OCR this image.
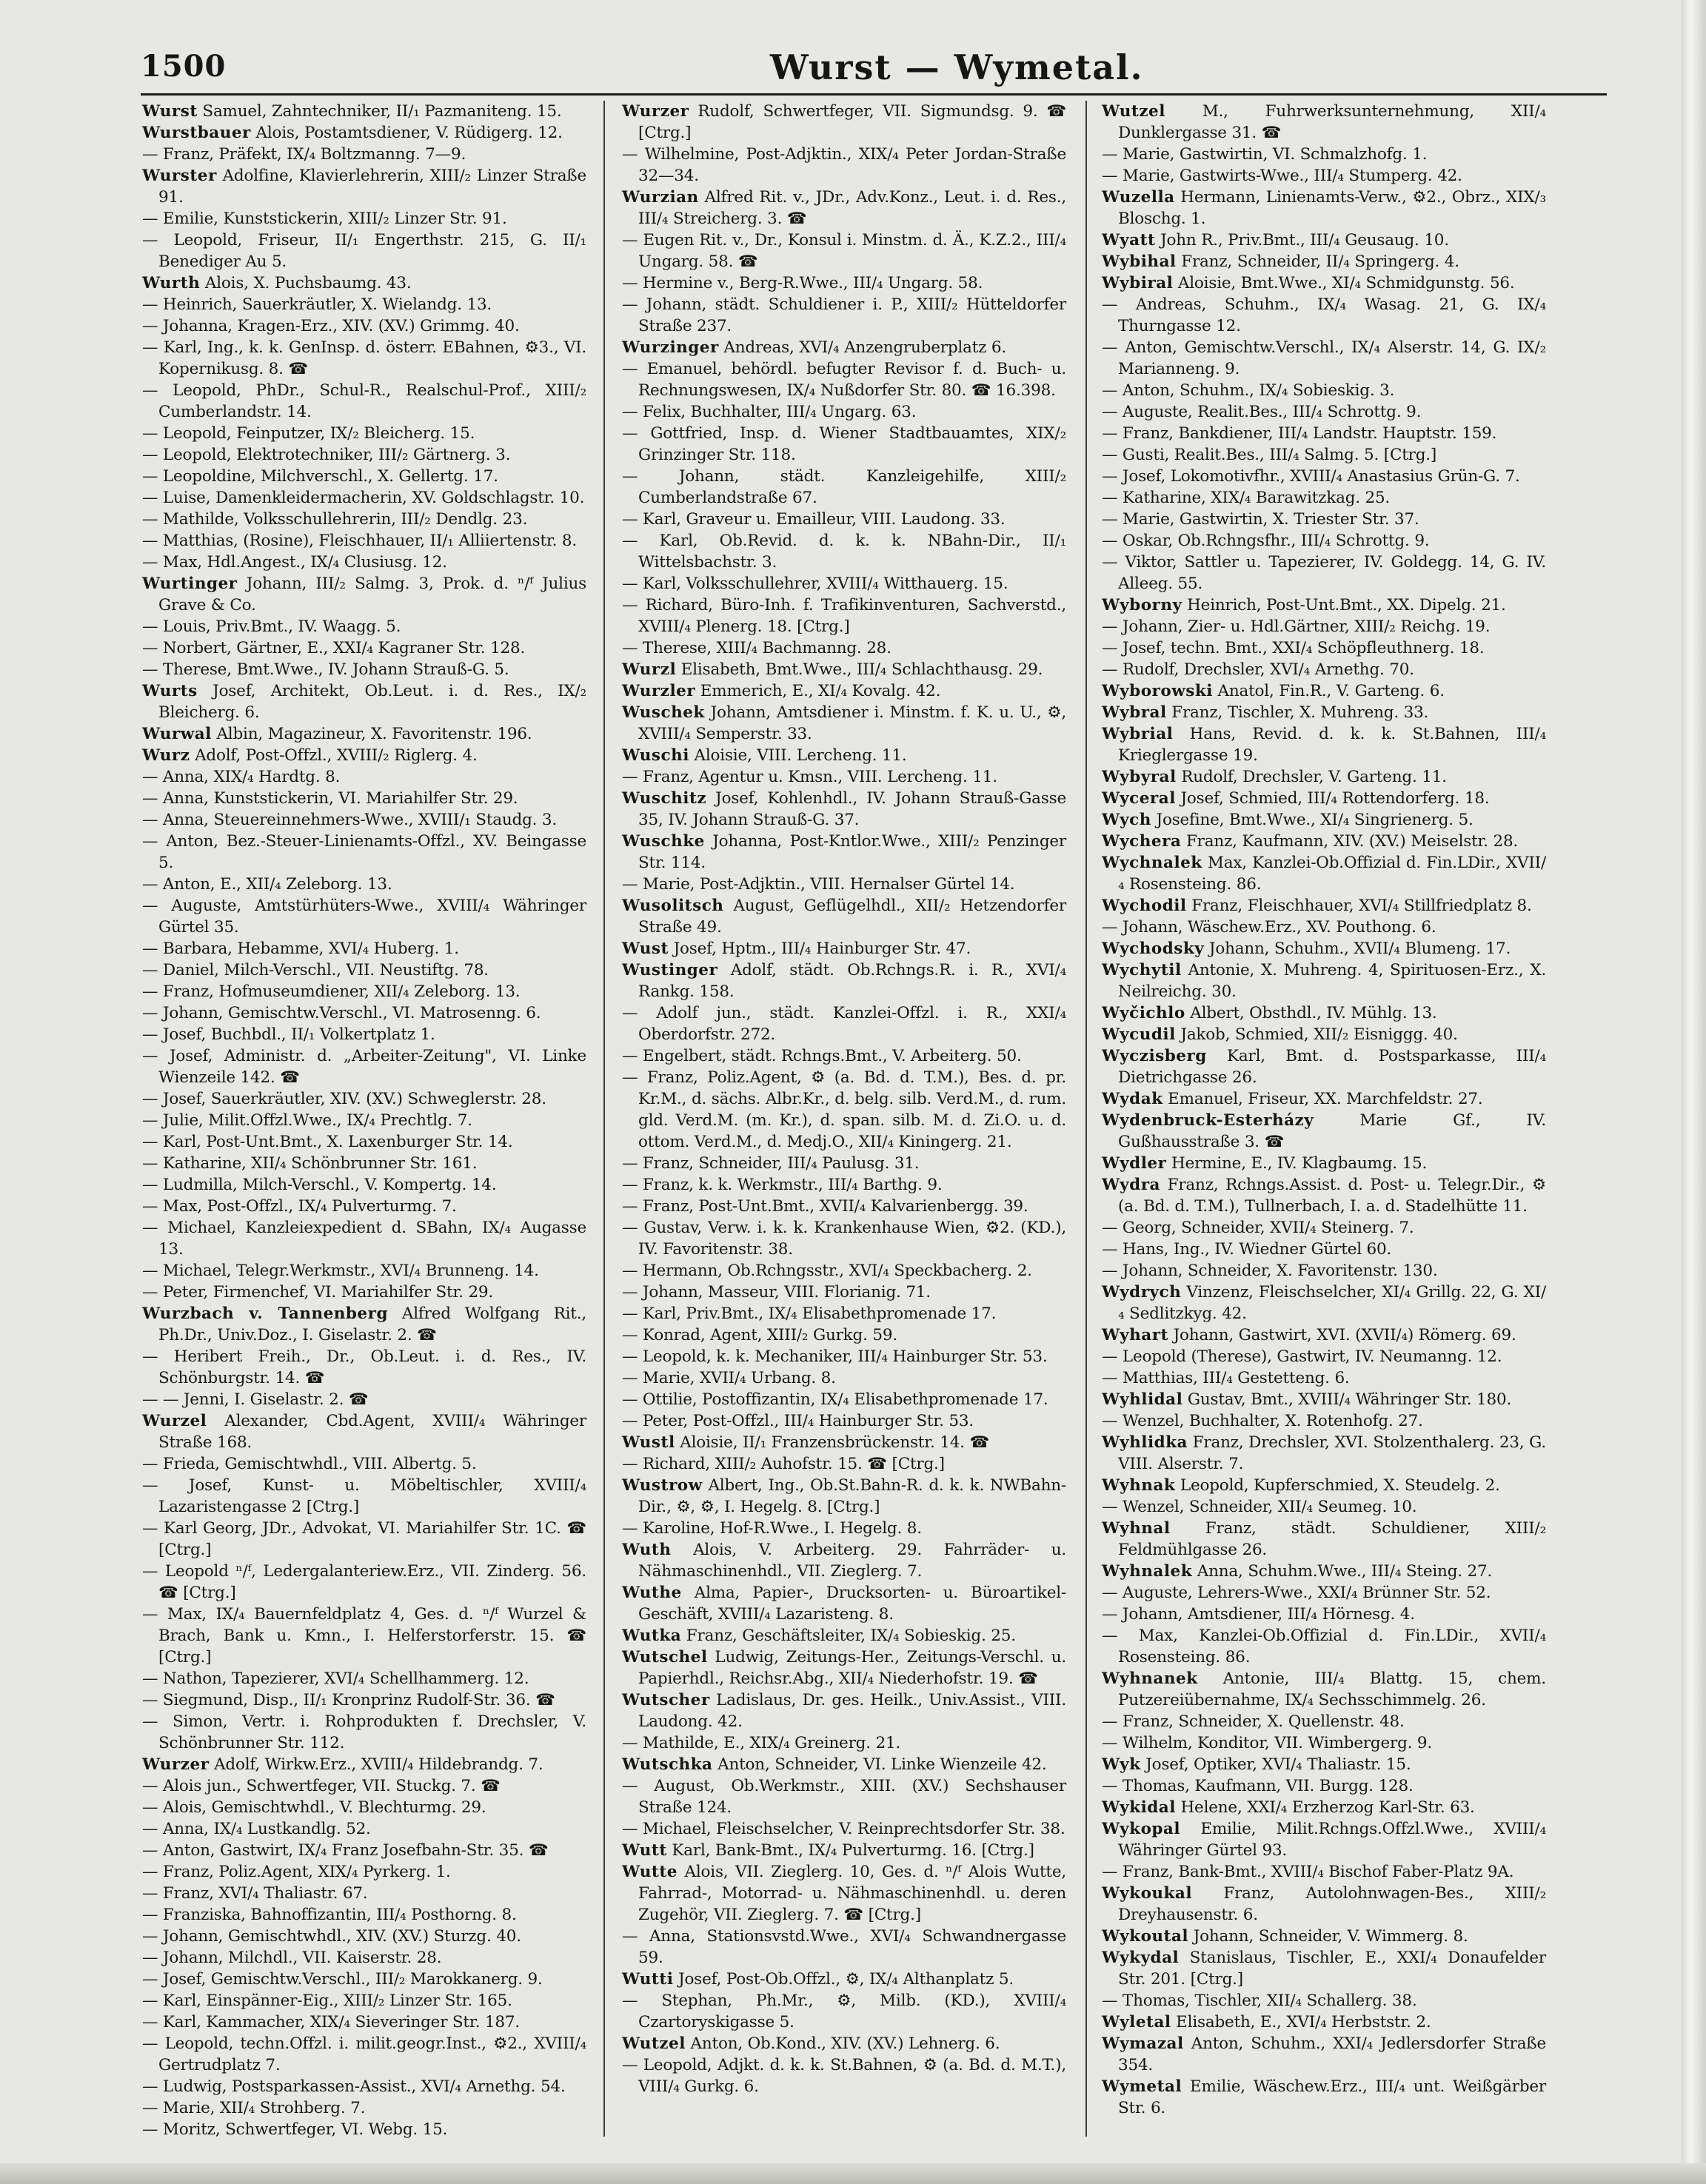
1500	Wurst — Wymetal.

Wurst Samuel, Zahntechniker, II/₁ Pazmaniteng. 15.

Wurstbauer Alois, Postamtsdiener, V. Rüdigerg. 12.

— Franz, Präfekt, IX/₄ Boltzmanng. 7—9.

Wurster Adolfine, Klavierlehrerin, XIII/₂ Linzer Straße 91.

— Emilie, Kunststickerin, XIII/₂ Linzer Str. 91.

— Leopold, Friseur, II/₁ Engerthstr. 215, G. II/₁ Benediger Au 5.

Wurth Alois, X. Puchsbaumg. 43.

— Heinrich, Sauerkräutler, X. Wielandg. 13.

— Johanna, Kragen-Erz., XIV. (XV.) Grimmg. 40.

— Karl, Ing., k. k. GenInsp. d. österr. EBahnen, ⚙3., VI. Kopernikusg. 8. ☎

— Leopold, PhDr., Schul-R., Realschul-Prof., XIII/₂ Cumberlandstr. 14.

— Leopold, Feinputzer, IX/₂ Bleicherg. 15.

— Leopold, Elektrotechniker, III/₂ Gärtnerg. 3.

— Leopoldine, Milchverschl., X. Gellertg. 17.

— Luise, Damenkleidermacherin, XV. Goldschlagstr. 10.

— Mathilde, Volksschullehrerin, III/₂ Dendlg. 23.

— Matthias, (Rosine), Fleischhauer, II/₁ Alliiertenstr. 8.

— Max, Hdl.Angest., IX/₄ Clusiusg. 12.

Wurtinger Johann, III/₂ Salmg. 3, Prok. d. ⁿ/ᶠ Julius Grave & Co.

— Louis, Priv.Bmt., IV. Waagg. 5.

— Norbert, Gärtner, E., XXI/₄ Kagraner Str. 128.

— Therese, Bmt.Wwe., IV. Johann Strauß-G. 5.

Wurts Josef, Architekt, Ob.Leut. i. d. Res., IX/₂ Bleicherg. 6.

Wurwal Albin, Magazineur, X. Favoritenstr. 196.

Wurz Adolf, Post-Offzl., XVIII/₂ Riglerg. 4.

— Anna, XIX/₄ Hardtg. 8.

— Anna, Kunststickerin, VI. Mariahilfer Str. 29.

— Anna, Steuereinnehmers-Wwe., XVIII/₁ Staudg. 3.

— Anton, Bez.-Steuer-Linienamts-Offzl., XV. Beingasse 5.

— Anton, E., XII/₄ Zeleborg. 13.

— Auguste, Amtstürhüters-Wwe., XVIII/₄ Währinger Gürtel 35.

— Barbara, Hebamme, XVI/₄ Huberg. 1.

— Daniel, Milch-Verschl., VII. Neustiftg. 78.

— Franz, Hofmuseumdiener, XII/₄ Zeleborg. 13.

— Johann, Gemischtw.Verschl., VI. Matrosenng. 6.

— Josef, Buchbdl., II/₁ Volkertplatz 1.

— Josef, Administr. d. „Arbeiter-Zeitung", VI. Linke Wienzeile 142. ☎

— Josef, Sauerkräutler, XIV. (XV.) Schweglerstr. 28.

— Julie, Milit.Offzl.Wwe., IX/₄ Prechtlg. 7.

— Karl, Post-Unt.Bmt., X. Laxenburger Str. 14.

— Katharine, XII/₄ Schönbrunner Str. 161.

— Ludmilla, Milch-Verschl., V. Kompertg. 14.

— Max, Post-Offzl., IX/₄ Pulverturmg. 7.

— Michael, Kanzleiexpedient d. SBahn, IX/₄ Augasse 13.

— Michael, Telegr.Werkmstr., XVI/₄ Brunneng. 14.

— Peter, Firmenchef, VI. Mariahilfer Str. 29.

Wurzbach v. Tannenberg Alfred Wolfgang Rit., Ph.Dr., Univ.Doz., I. Giselastr. 2. ☎

— Heribert Freih., Dr., Ob.Leut. i. d. Res., IV. Schönburgstr. 14. ☎

— — Jenni, I. Giselastr. 2. ☎

Wurzel Alexander, Cbd.Agent, XVIII/₄ Währinger Straße 168.

— Frieda, Gemischtwhdl., VIII. Albertg. 5.

— Josef, Kunst- u. Möbeltischler, XVIII/₄ Lazaristengasse 2 [Ctrg.]

— Karl Georg, JDr., Advokat, VI. Mariahilfer Str. 1C. ☎ [Ctrg.]

— Leopold ⁿ/ᶠ, Ledergalanteriew.Erz., VII. Zinderg. 56. ☎ [Ctrg.]

— Max, IX/₄ Bauernfeldplatz 4, Ges. d. ⁿ/ᶠ Wurzel & Brach, Bank u. Kmn., I. Helferstorferstr. 15. ☎ [Ctrg.]

— Nathon, Tapezierer, XVI/₄ Schellhammerg. 12.

— Siegmund, Disp., II/₁ Kronprinz Rudolf-Str. 36. ☎

— Simon, Vertr. i. Rohprodukten f. Drechsler, V. Schönbrunner Str. 112.

Wurzer Adolf, Wirkw.Erz., XVIII/₄ Hildebrandg. 7.

— Alois jun., Schwertfeger, VII. Stuckg. 7. ☎

— Alois, Gemischtwhdl., V. Blechturmg. 29.

— Anna, IX/₄ Lustkandlg. 52.

— Anton, Gastwirt, IX/₄ Franz Josefbahn-Str. 35. ☎

— Franz, Poliz.Agent, XIX/₄ Pyrkerg. 1.

— Franz, XVI/₄ Thaliastr. 67.

— Franziska, Bahnoffizantin, III/₄ Posthorng. 8.

— Johann, Gemischtwhdl., XIV. (XV.) Sturzg. 40.

— Johann, Milchdl., VII. Kaiserstr. 28.

— Josef, Gemischtw.Verschl., III/₂ Marokkanerg. 9.

— Karl, Einspänner-Eig., XIII/₂ Linzer Str. 165.

— Karl, Kammacher, XIX/₄ Sieveringer Str. 187.

— Leopold, techn.Offzl. i. milit.geogr.Inst., ⚙2., XVIII/₄ Gertrudplatz 7.

— Ludwig, Postsparkassen-Assist., XVI/₄ Arnethg. 54.

— Marie, XII/₄ Strohberg. 7.

— Moritz, Schwertfeger, VI. Webg. 15.

Wurzer Rudolf, Schwertfeger, VII. Sigmundsg. 9. ☎ [Ctrg.]

— Wilhelmine, Post-Adjktin., XIX/₄ Peter Jordan-Straße 32—34.

Wurzian Alfred Rit. v., JDr., Adv.Konz., Leut. i. d. Res., III/₄ Streicherg. 3. ☎

— Eugen Rit. v., Dr., Konsul i. Minstm. d. Ä., K.Z.2., III/₄ Ungarg. 58. ☎

— Hermine v., Berg-R.Wwe., III/₄ Ungarg. 58.

— Johann, städt. Schuldiener i. P., XIII/₂ Hütteldorfer Straße 237.

Wurzinger Andreas, XVI/₄ Anzengruberplatz 6.

— Emanuel, behördl. befugter Revisor f. d. Buch- u. Rechnungswesen, IX/₄ Nußdorfer Str. 80. ☎ 16.398.

— Felix, Buchhalter, III/₄ Ungarg. 63.

— Gottfried, Insp. d. Wiener Stadtbauamtes, XIX/₂ Grinzinger Str. 118.

— Johann, städt. Kanzleigehilfe, XIII/₂ Cumberlandstraße 67.

— Karl, Graveur u. Emailleur, VIII. Laudong. 33.

— Karl, Ob.Revid. d. k. k. NBahn-Dir., II/₁ Wittelsbachstr. 3.

— Karl, Volksschullehrer, XVIII/₄ Witthauerg. 15.

— Richard, Büro-Inh. f. Trafikinventuren, Sachverstd., XVIII/₄ Plenerg. 18. [Ctrg.]

— Therese, XIII/₄ Bachmanng. 28.

Wurzl Elisabeth, Bmt.Wwe., III/₄ Schlachthausg. 29.

Wurzler Emmerich, E., XI/₄ Kovalg. 42.

Wuschek Johann, Amtsdiener i. Minstm. f. K. u. U., ⚙, XVIII/₄ Semperstr. 33.

Wuschi Aloisie, VIII. Lercheng. 11.

— Franz, Agentur u. Kmsn., VIII. Lercheng. 11.

Wuschitz Josef, Kohlenhdl., IV. Johann Strauß-Gasse 35, IV. Johann Strauß-G. 37.

Wuschke Johanna, Post-Kntlor.Wwe., XIII/₂ Penzinger Str. 114.

— Marie, Post-Adjktin., VIII. Hernalser Gürtel 14.

Wusolitsch August, Geflügelhdl., XII/₂ Hetzendorfer Straße 49.

Wust Josef, Hptm., III/₄ Hainburger Str. 47.

Wustinger Adolf, städt. Ob.Rchngs.R. i. R., XVI/₄ Rankg. 158.

— Adolf jun., städt. Kanzlei-Offzl. i. R., XXI/₄ Oberdorfstr. 272.

— Engelbert, städt. Rchngs.Bmt., V. Arbeiterg. 50.

— Franz, Poliz.Agent, ⚙ (a. Bd. d. T.M.), Bes. d. pr. Kr.M., d. sächs. Albr.Kr., d. belg. silb. Verd.M., d. rum. gld. Verd.M. (m. Kr.), d. span. silb. M. d. Zi.O. u. d. ottom. Verd.M., d. Medj.O., XII/₄ Kiningerg. 21.

— Franz, Schneider, III/₄ Paulusg. 31.

— Franz, k. k. Werkmstr., III/₄ Barthg. 9.

— Franz, Post-Unt.Bmt., XVII/₄ Kalvarienbergg. 39.

— Gustav, Verw. i. k. k. Krankenhause Wien, ⚙2. (KD.), IV. Favoritenstr. 38.

— Hermann, Ob.Rchngsstr., XVI/₄ Speckbacherg. 2.

— Johann, Masseur, VIII. Florianig. 71.

— Karl, Priv.Bmt., IX/₄ Elisabethpromenade 17.

— Konrad, Agent, XIII/₂ Gurkg. 59.

— Leopold, k. k. Mechaniker, III/₄ Hainburger Str. 53.

— Marie, XVII/₄ Urbang. 8.

— Ottilie, Postoffizantin, IX/₄ Elisabethpromenade 17.

— Peter, Post-Offzl., III/₄ Hainburger Str. 53.

Wustl Aloisie, II/₁ Franzensbrückenstr. 14. ☎

— Richard, XIII/₂ Auhofstr. 15. ☎ [Ctrg.]

Wustrow Albert, Ing., Ob.St.Bahn-R. d. k. k. NWBahn-Dir., ⚙, ⚙, I. Hegelg. 8. [Ctrg.]

— Karoline, Hof-R.Wwe., I. Hegelg. 8.

Wuth Alois, V. Arbeiterg. 29. Fahrräder- u. Nähmaschinenhdl., VII. Zieglerg. 7.

Wuthe Alma, Papier-, Drucksorten- u. Büroartikel-Geschäft, XVIII/₄ Lazaristeng. 8.

Wutka Franz, Geschäftsleiter, IX/₄ Sobieskig. 25.

Wutschel Ludwig, Zeitungs-Her., Zeitungs-Verschl. u. Papierhdl., Reichsr.Abg., XII/₄ Niederhofstr. 19. ☎

Wutscher Ladislaus, Dr. ges. Heilk., Univ.Assist., VIII. Laudong. 42.

— Mathilde, E., XIX/₄ Greinerg. 21.

Wutschka Anton, Schneider, VI. Linke Wienzeile 42.

— August, Ob.Werkmstr., XIII. (XV.) Sechshauser Straße 124.

— Michael, Fleischselcher, V. Reinprechtsdorfer Str. 38.

Wutt Karl, Bank-Bmt., IX/₄ Pulverturmg. 16. [Ctrg.]

Wutte Alois, VII. Zieglerg. 10, Ges. d. ⁿ/ᶠ Alois Wutte, Fahrrad-, Motorrad- u. Nähmaschinenhdl. u. deren Zugehör, VII. Zieglerg. 7. ☎ [Ctrg.]

— Anna, Stationsvstd.Wwe., XVI/₄ Schwandnergasse 59.

Wutti Josef, Post-Ob.Offzl., ⚙, IX/₄ Althanplatz 5.

— Stephan, Ph.Mr., ⚙, Milb. (KD.), XVIII/₄ Czartoryskigasse 5.

Wutzel Anton, Ob.Kond., XIV. (XV.) Lehnerg. 6.

— Leopold, Adjkt. d. k. k. St.Bahnen, ⚙ (a. Bd. d. M.T.), VIII/₄ Gurkg. 6.

Wutzel M., Fuhrwerksunternehmung, XII/₄ Dunklergasse 31. ☎

— Marie, Gastwirtin, VI. Schmalzhofg. 1.

— Marie, Gastwirts-Wwe., III/₄ Stumperg. 42.

Wuzella Hermann, Linienamts-Verw., ⚙2., Obrz., XIX/₃ Bloschg. 1.

Wyatt John R., Priv.Bmt., III/₄ Geusaug. 10.

Wybihal Franz, Schneider, II/₄ Springerg. 4.

Wybiral Aloisie, Bmt.Wwe., XI/₄ Schmidgunstg. 56.

— Andreas, Schuhm., IX/₄ Wasag. 21, G. IX/₄ Thurngasse 12.

— Anton, Gemischtw.Verschl., IX/₄ Alserstr. 14, G. IX/₂ Marianneng. 9.

— Anton, Schuhm., IX/₄ Sobieskig. 3.

— Auguste, Realit.Bes., III/₄ Schrottg. 9.

— Franz, Bankdiener, III/₄ Landstr. Hauptstr. 159.

— Gusti, Realit.Bes., III/₄ Salmg. 5. [Ctrg.]

— Josef, Lokomotivfhr., XVIII/₄ Anastasius Grün-G. 7.

— Katharine, XIX/₄ Barawitzkag. 25.

— Marie, Gastwirtin, X. Triester Str. 37.

— Oskar, Ob.Rchngsfhr., III/₄ Schrottg. 9.

— Viktor, Sattler u. Tapezierer, IV. Goldegg. 14, G. IV. Alleeg. 55.

Wyborny Heinrich, Post-Unt.Bmt., XX. Dipelg. 21.

— Johann, Zier- u. Hdl.Gärtner, XIII/₂ Reichg. 19.

— Josef, techn. Bmt., XXI/₄ Schöpfleuthnerg. 18.

— Rudolf, Drechsler, XVI/₄ Arnethg. 70.

Wyborowski Anatol, Fin.R., V. Garteng. 6.

Wybral Franz, Tischler, X. Muhreng. 33.

Wybrial Hans, Revid. d. k. k. St.Bahnen, III/₄ Krieglergasse 19.

Wybyral Rudolf, Drechsler, V. Garteng. 11.

Wyceral Josef, Schmied, III/₄ Rottendorferg. 18.

Wych Josefine, Bmt.Wwe., XI/₄ Singrienerg. 5.

Wychera Franz, Kaufmann, XIV. (XV.) Meiselstr. 28.

Wychnalek Max, Kanzlei-Ob.Offizial d. Fin.LDir., XVII/₄ Rosensteing. 86.

Wychodil Franz, Fleischhauer, XVI/₄ Stillfriedplatz 8.

— Johann, Wäschew.Erz., XV. Pouthong. 6.

Wychodsky Johann, Schuhm., XVII/₄ Blumeng. 17.

Wychytil Antonie, X. Muhreng. 4, Spirituosen-Erz., X. Neilreichg. 30.

Wyčichlo Albert, Obsthdl., IV. Mühlg. 13.

Wycudil Jakob, Schmied, XII/₂ Eisniggg. 40.

Wyczisberg Karl, Bmt. d. Postsparkasse, III/₄ Dietrichgasse 26.

Wydak Emanuel, Friseur, XX. Marchfeldstr. 27.

Wydenbruck-Esterházy Marie Gf., IV. Gußhausstraße 3. ☎

Wydler Hermine, E., IV. Klagbaumg. 15.

Wydra Franz, Rchngs.Assist. d. Post- u. Telegr.Dir., ⚙ (a. Bd. d. T.M.), Tullnerbach, I. a. d. Stadelhütte 11.

— Georg, Schneider, XVII/₄ Steinerg. 7.

— Hans, Ing., IV. Wiedner Gürtel 60.

— Johann, Schneider, X. Favoritenstr. 130.

Wydrych Vinzenz, Fleischselcher, XI/₄ Grillg. 22, G. XI/₄ Sedlitzkyg. 42.

Wyhart Johann, Gastwirt, XVI. (XVII/₄) Römerg. 69.

— Leopold (Therese), Gastwirt, IV. Neumanng. 12.

— Matthias, III/₄ Gestetteng. 6.

Wyhlidal Gustav, Bmt., XVIII/₄ Währinger Str. 180.

— Wenzel, Buchhalter, X. Rotenhofg. 27.

Wyhlidka Franz, Drechsler, XVI. Stolzenthalerg. 23, G. VIII. Alserstr. 7.

Wyhnak Leopold, Kupferschmied, X. Steudelg. 2.

— Wenzel, Schneider, XII/₄ Seumeg. 10.

Wyhnal Franz, städt. Schuldiener, XIII/₂ Feldmühlgasse 26.

Wyhnalek Anna, Schuhm.Wwe., III/₄ Steing. 27.

— Auguste, Lehrers-Wwe., XXI/₄ Brünner Str. 52.

— Johann, Amtsdiener, III/₄ Hörnesg. 4.

— Max, Kanzlei-Ob.Offizial d. Fin.LDir., XVII/₄ Rosensteing. 86.

Wyhnanek Antonie, III/₄ Blattg. 15, chem. Putzereiübernahme, IX/₄ Sechsschimmelg. 26.

— Franz, Schneider, X. Quellenstr. 48.

— Wilhelm, Konditor, VII. Wimbergerg. 9.

Wyk Josef, Optiker, XVI/₄ Thaliastr. 15.

— Thomas, Kaufmann, VII. Burgg. 128.

Wykidal Helene, XXI/₄ Erzherzog Karl-Str. 63.

Wykopal Emilie, Milit.Rchngs.Offzl.Wwe., XVIII/₄ Währinger Gürtel 93.

— Franz, Bank-Bmt., XVIII/₄ Bischof Faber-Platz 9A.

Wykoukal Franz, Autolohnwagen-Bes., XIII/₂ Dreyhausenstr. 6.

Wykoutal Johann, Schneider, V. Wimmerg. 8.

Wykydal Stanislaus, Tischler, E., XXI/₄ Donaufelder Str. 201. [Ctrg.]

— Thomas, Tischler, XII/₄ Schallerg. 38.

Wyletal Elisabeth, E., XVI/₄ Herbststr. 2.

Wymazal Anton, Schuhm., XXI/₄ Jedlersdorfer Straße 354.

Wymetal Emilie, Wäschew.Erz., III/₄ unt. Weißgärber Str. 6.
